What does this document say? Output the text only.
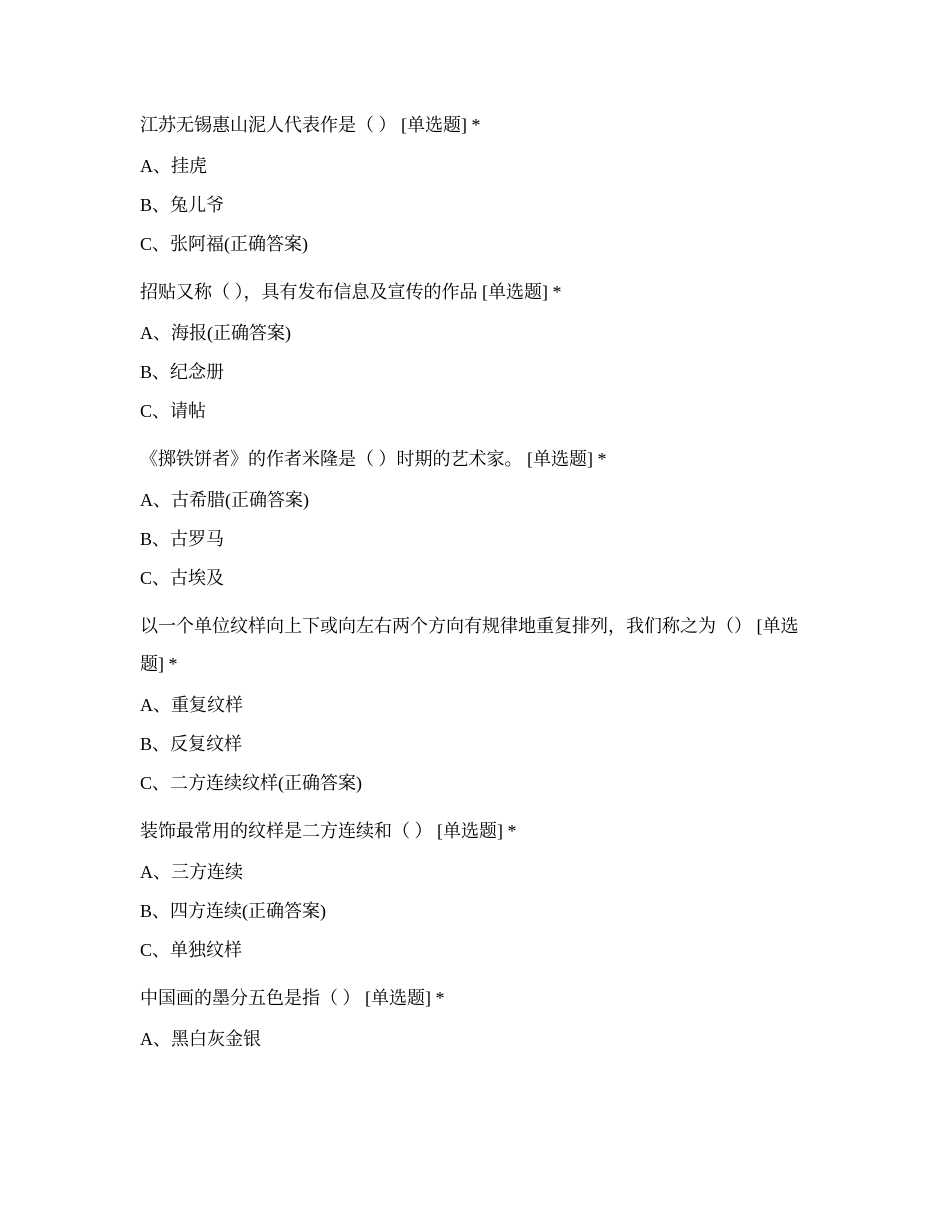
江苏无锡惠山泥人代表作是（ ） [单选题] *

A、挂虎

B、兔儿爷

C、张阿福(正确答案)

招贴又称（ ），具有发布信息及宣传的作品 [单选题] *

A、海报(正确答案)

B、纪念册

C、请帖

《掷铁饼者》的作者米隆是（ ）时期的艺术家。 [单选题] *

A、古希腊(正确答案)

B、古罗马

C、古埃及

以一个单位纹样向上下或向左右两个方向有规律地重复排列，我们称之为（） [单选题] *

A、重复纹样

B、反复纹样

C、二方连续纹样(正确答案)

装饰最常用的纹样是二方连续和（ ） [单选题] *

A、三方连续

B、四方连续(正确答案)

C、单独纹样

中国画的墨分五色是指（ ） [单选题] *

A、黑白灰金银
